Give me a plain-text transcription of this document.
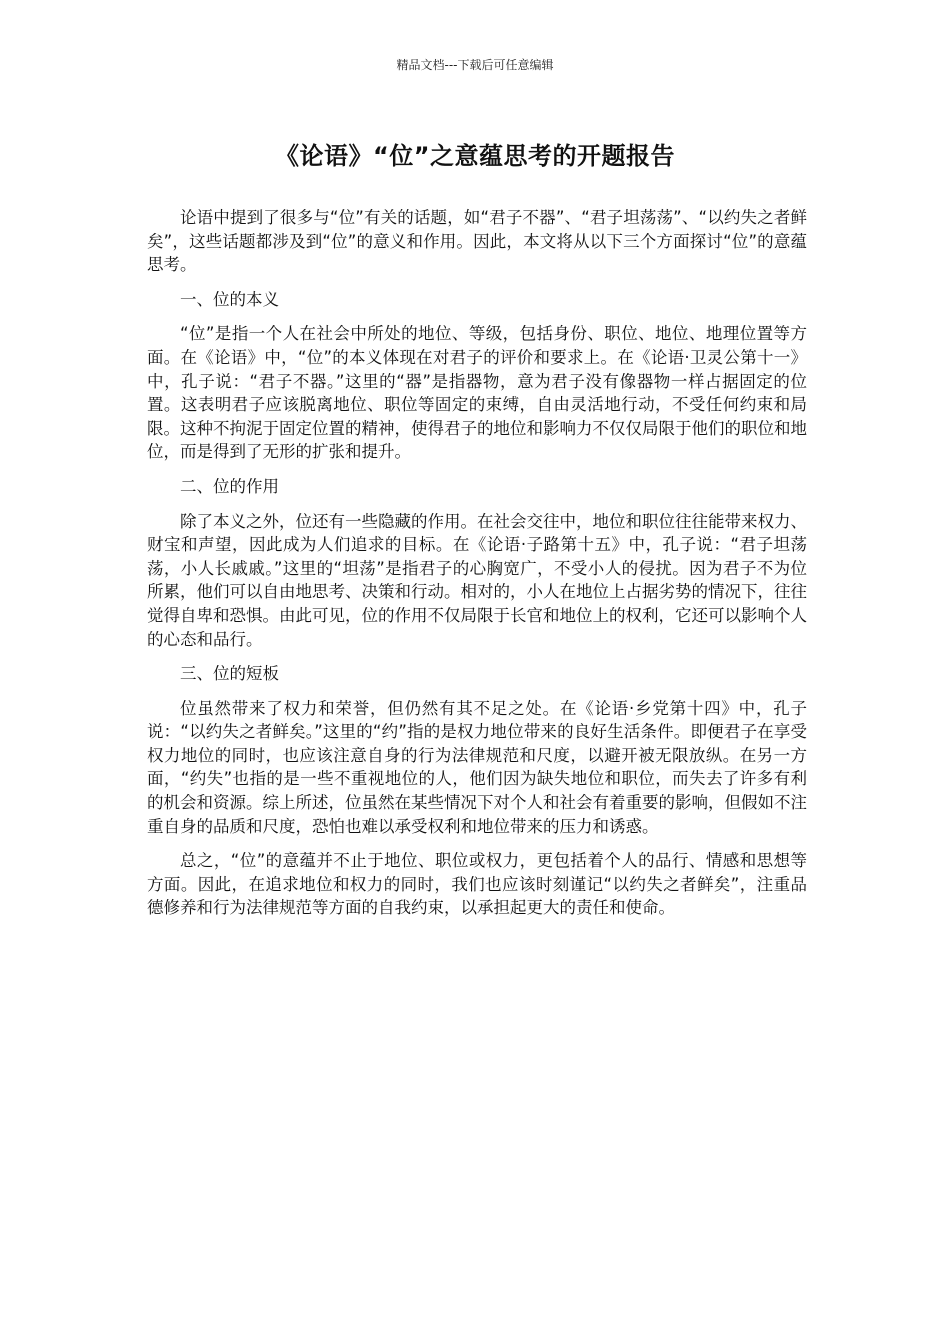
精品文档---下载后可任意编辑
《论语》“位”之意蕴思考的开题报告

论语中提到了很多与“位”有关的话题，如“君子不器”、“君子坦荡荡”、“以约失之者鲜矣”，这些话题都涉及到“位”的意义和作用。因此，本文将从以下三个方面探讨“位”的意蕴思考。

一、位的本义

“位”是指一个人在社会中所处的地位、等级，包括身份、职位、地位、地理位置等方面。在《论语》中，“位”的本义体现在对君子的评价和要求上。在《论语·卫灵公第十一》中，孔子说：“君子不器。”这里的“器”是指器物，意为君子没有像器物一样占据固定的位置。这表明君子应该脱离地位、职位等固定的束缚，自由灵活地行动，不受任何约束和局限。这种不拘泥于固定位置的精神，使得君子的地位和影响力不仅仅局限于他们的职位和地位，而是得到了无形的扩张和提升。

二、位的作用

除了本义之外，位还有一些隐藏的作用。在社会交往中，地位和职位往往能带来权力、财宝和声望，因此成为人们追求的目标。在《论语·子路第十五》中，孔子说：“君子坦荡荡，小人长戚戚。”这里的“坦荡”是指君子的心胸宽广，不受小人的侵扰。因为君子不为位所累，他们可以自由地思考、决策和行动。相对的，小人在地位上占据劣势的情况下，往往觉得自卑和恐惧。由此可见，位的作用不仅局限于长官和地位上的权利，它还可以影响个人的心态和品行。

三、位的短板

位虽然带来了权力和荣誉，但仍然有其不足之处。在《论语·乡党第十四》中，孔子说：“以约失之者鲜矣。”这里的“约”指的是权力地位带来的良好生活条件。即便君子在享受权力地位的同时，也应该注意自身的行为法律规范和尺度，以避开被无限放纵。在另一方面，“约失”也指的是一些不重视地位的人，他们因为缺失地位和职位，而失去了许多有利的机会和资源。综上所述，位虽然在某些情况下对个人和社会有着重要的影响，但假如不注重自身的品质和尺度，恐怕也难以承受权利和地位带来的压力和诱惑。

总之，“位”的意蕴并不止于地位、职位或权力，更包括着个人的品行、情感和思想等方面。因此，在追求地位和权力的同时，我们也应该时刻谨记“以约失之者鲜矣”，注重品德修养和行为法律规范等方面的自我约束，以承担起更大的责任和使命。
